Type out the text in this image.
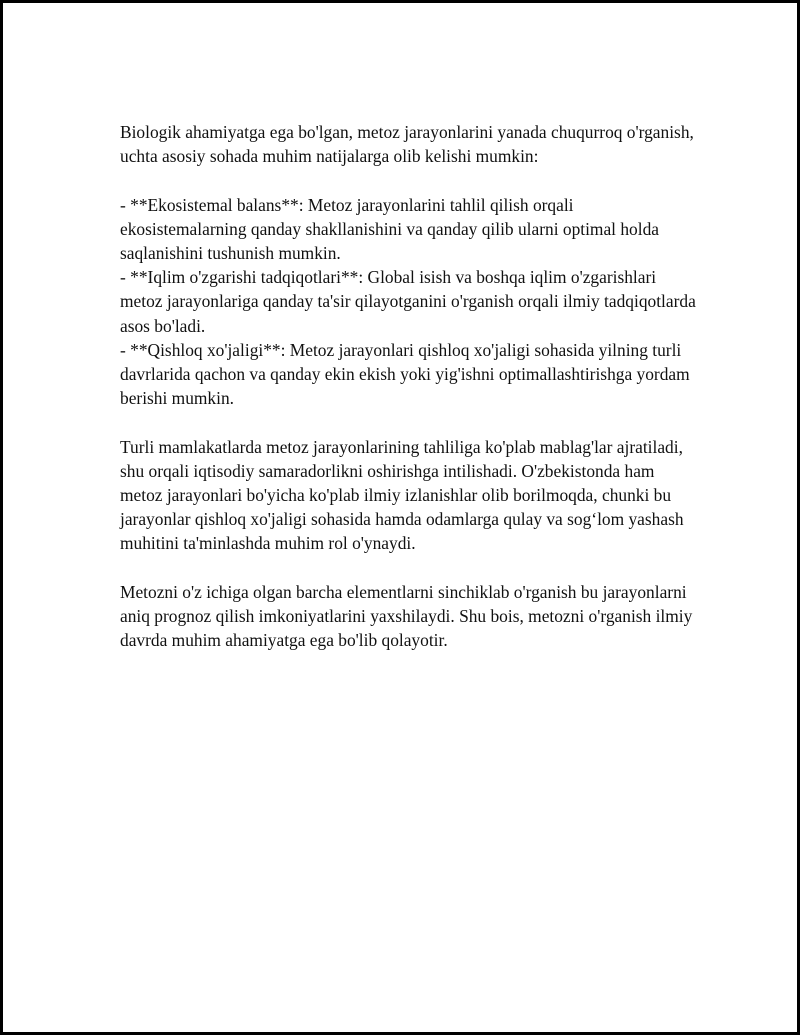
Biologik ahamiyatga ega bo'lgan, metoz jarayonlarini yanada chuqurroq o'rganish, uchta asosiy sohada muhim natijalarga olib kelishi mumkin:

- **Ekosistemal balans**: Metoz jarayonlarini tahlil qilish orqali ekosistemalarning qanday shakllanishini va qanday qilib ularni optimal holda saqlanishini tushunish mumkin.

- **Iqlim o'zgarishi tadqiqotlari**: Global isish va boshqa iqlim o'zgarishlari metoz jarayonlariga qanday ta'sir qilayotganini o'rganish orqali ilmiy tadqiqotlarda asos bo'ladi.

- **Qishloq xo'jaligi**: Metoz jarayonlari qishloq xo'jaligi sohasida yilning turli davrlarida qachon va qanday ekin ekish yoki yig'ishni optimallashtirishga yordam berishi mumkin.

Turli mamlakatlarda metoz jarayonlarining tahliliga ko'plab mablag'lar ajratiladi, shu orqali iqtisodiy samaradorlikni oshirishga intilishadi. O'zbekistonda ham metoz jarayonlari bo'yicha ko'plab ilmiy izlanishlar olib borilmoqda, chunki bu jarayonlar qishloq xo'jaligi sohasida hamda odamlarga qulay va sog‘lom yashash muhitini ta'minlashda muhim rol o'ynaydi.

Metozni o'z ichiga olgan barcha elementlarni sinchiklab o'rganish bu jarayonlarni aniq prognoz qilish imkoniyatlarini yaxshilaydi. Shu bois, metozni o'rganish ilmiy davrda muhim ahamiyatga ega bo'lib qolayotir.
